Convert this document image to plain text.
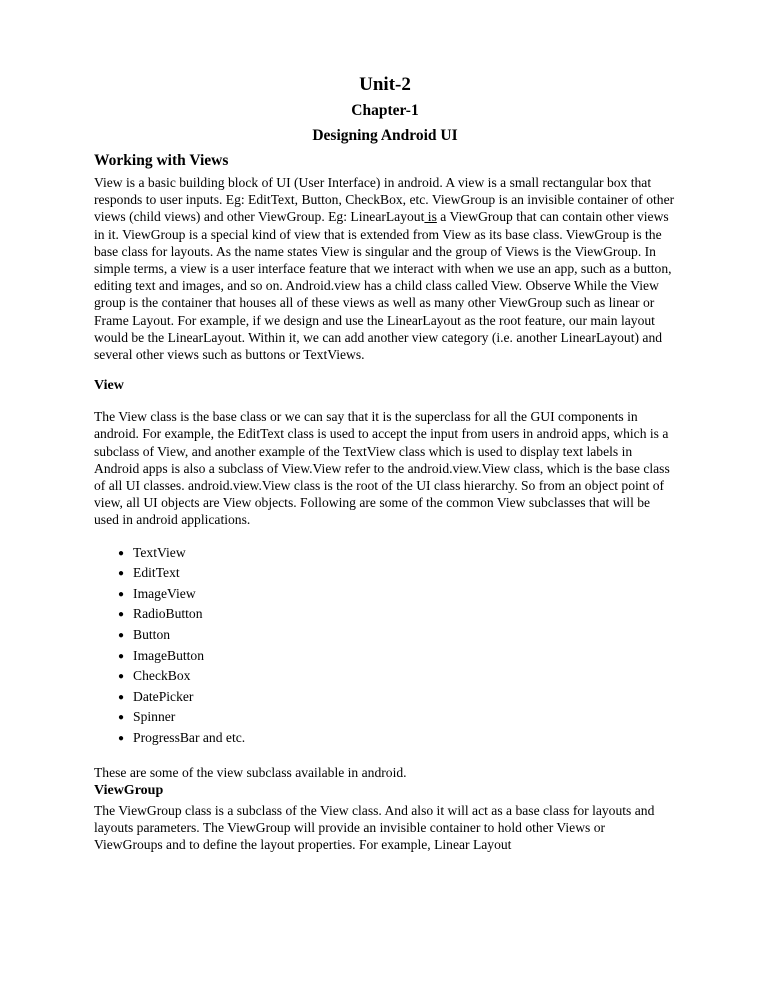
Unit-2
Chapter-1
Designing Android UI
Working with Views

View is a basic building block of UI (User Interface) in android. A view is a small rectangular box that responds to user inputs. Eg: EditText, Button, CheckBox, etc. ViewGroup is an invisible container of other views (child views) and other ViewGroup. Eg: LinearLayout is a ViewGroup that can contain other views in it. ViewGroup is a special kind of view that is extended from View as its base class. ViewGroup is the base class for layouts. As the name states View is singular and the group of Views is the ViewGroup. In simple terms, a view is a user interface feature that we interact with when we use an app, such as a button, editing text and images, and so on. Android.view has a child class called View. Observe While the View group is the container that houses all of these views as well as many other ViewGroup such as linear or Frame Layout. For example, if we design and use the LinearLayout as the root feature, our main layout would be the LinearLayout. Within it, we can add another view category (i.e. another LinearLayout) and several other views such as buttons or TextViews.

View

The View class is the base class or we can say that it is the superclass for all the GUI components in android. For example, the EditText class is used to accept the input from users in android apps, which is a subclass of View, and another example of the TextView class which is used to display text labels in Android apps is also a subclass of View.View refer to the android.view.View class, which is the base class of all UI classes. android.view.View class is the root of the UI class hierarchy. So from an object point of view, all UI objects are View objects. Following are some of the common View subclasses that will be used in android applications.

● TextView
● EditText
● ImageView
● RadioButton
● Button
● ImageButton
● CheckBox
● DatePicker
● Spinner
● ProgressBar and etc.

These are some of the view subclass available in android.

ViewGroup

The ViewGroup class is a subclass of the View class. And also it will act as a base class for layouts and layouts parameters. The ViewGroup will provide an invisible container to hold other Views or ViewGroups and to define the layout properties. For example, Linear Layout
